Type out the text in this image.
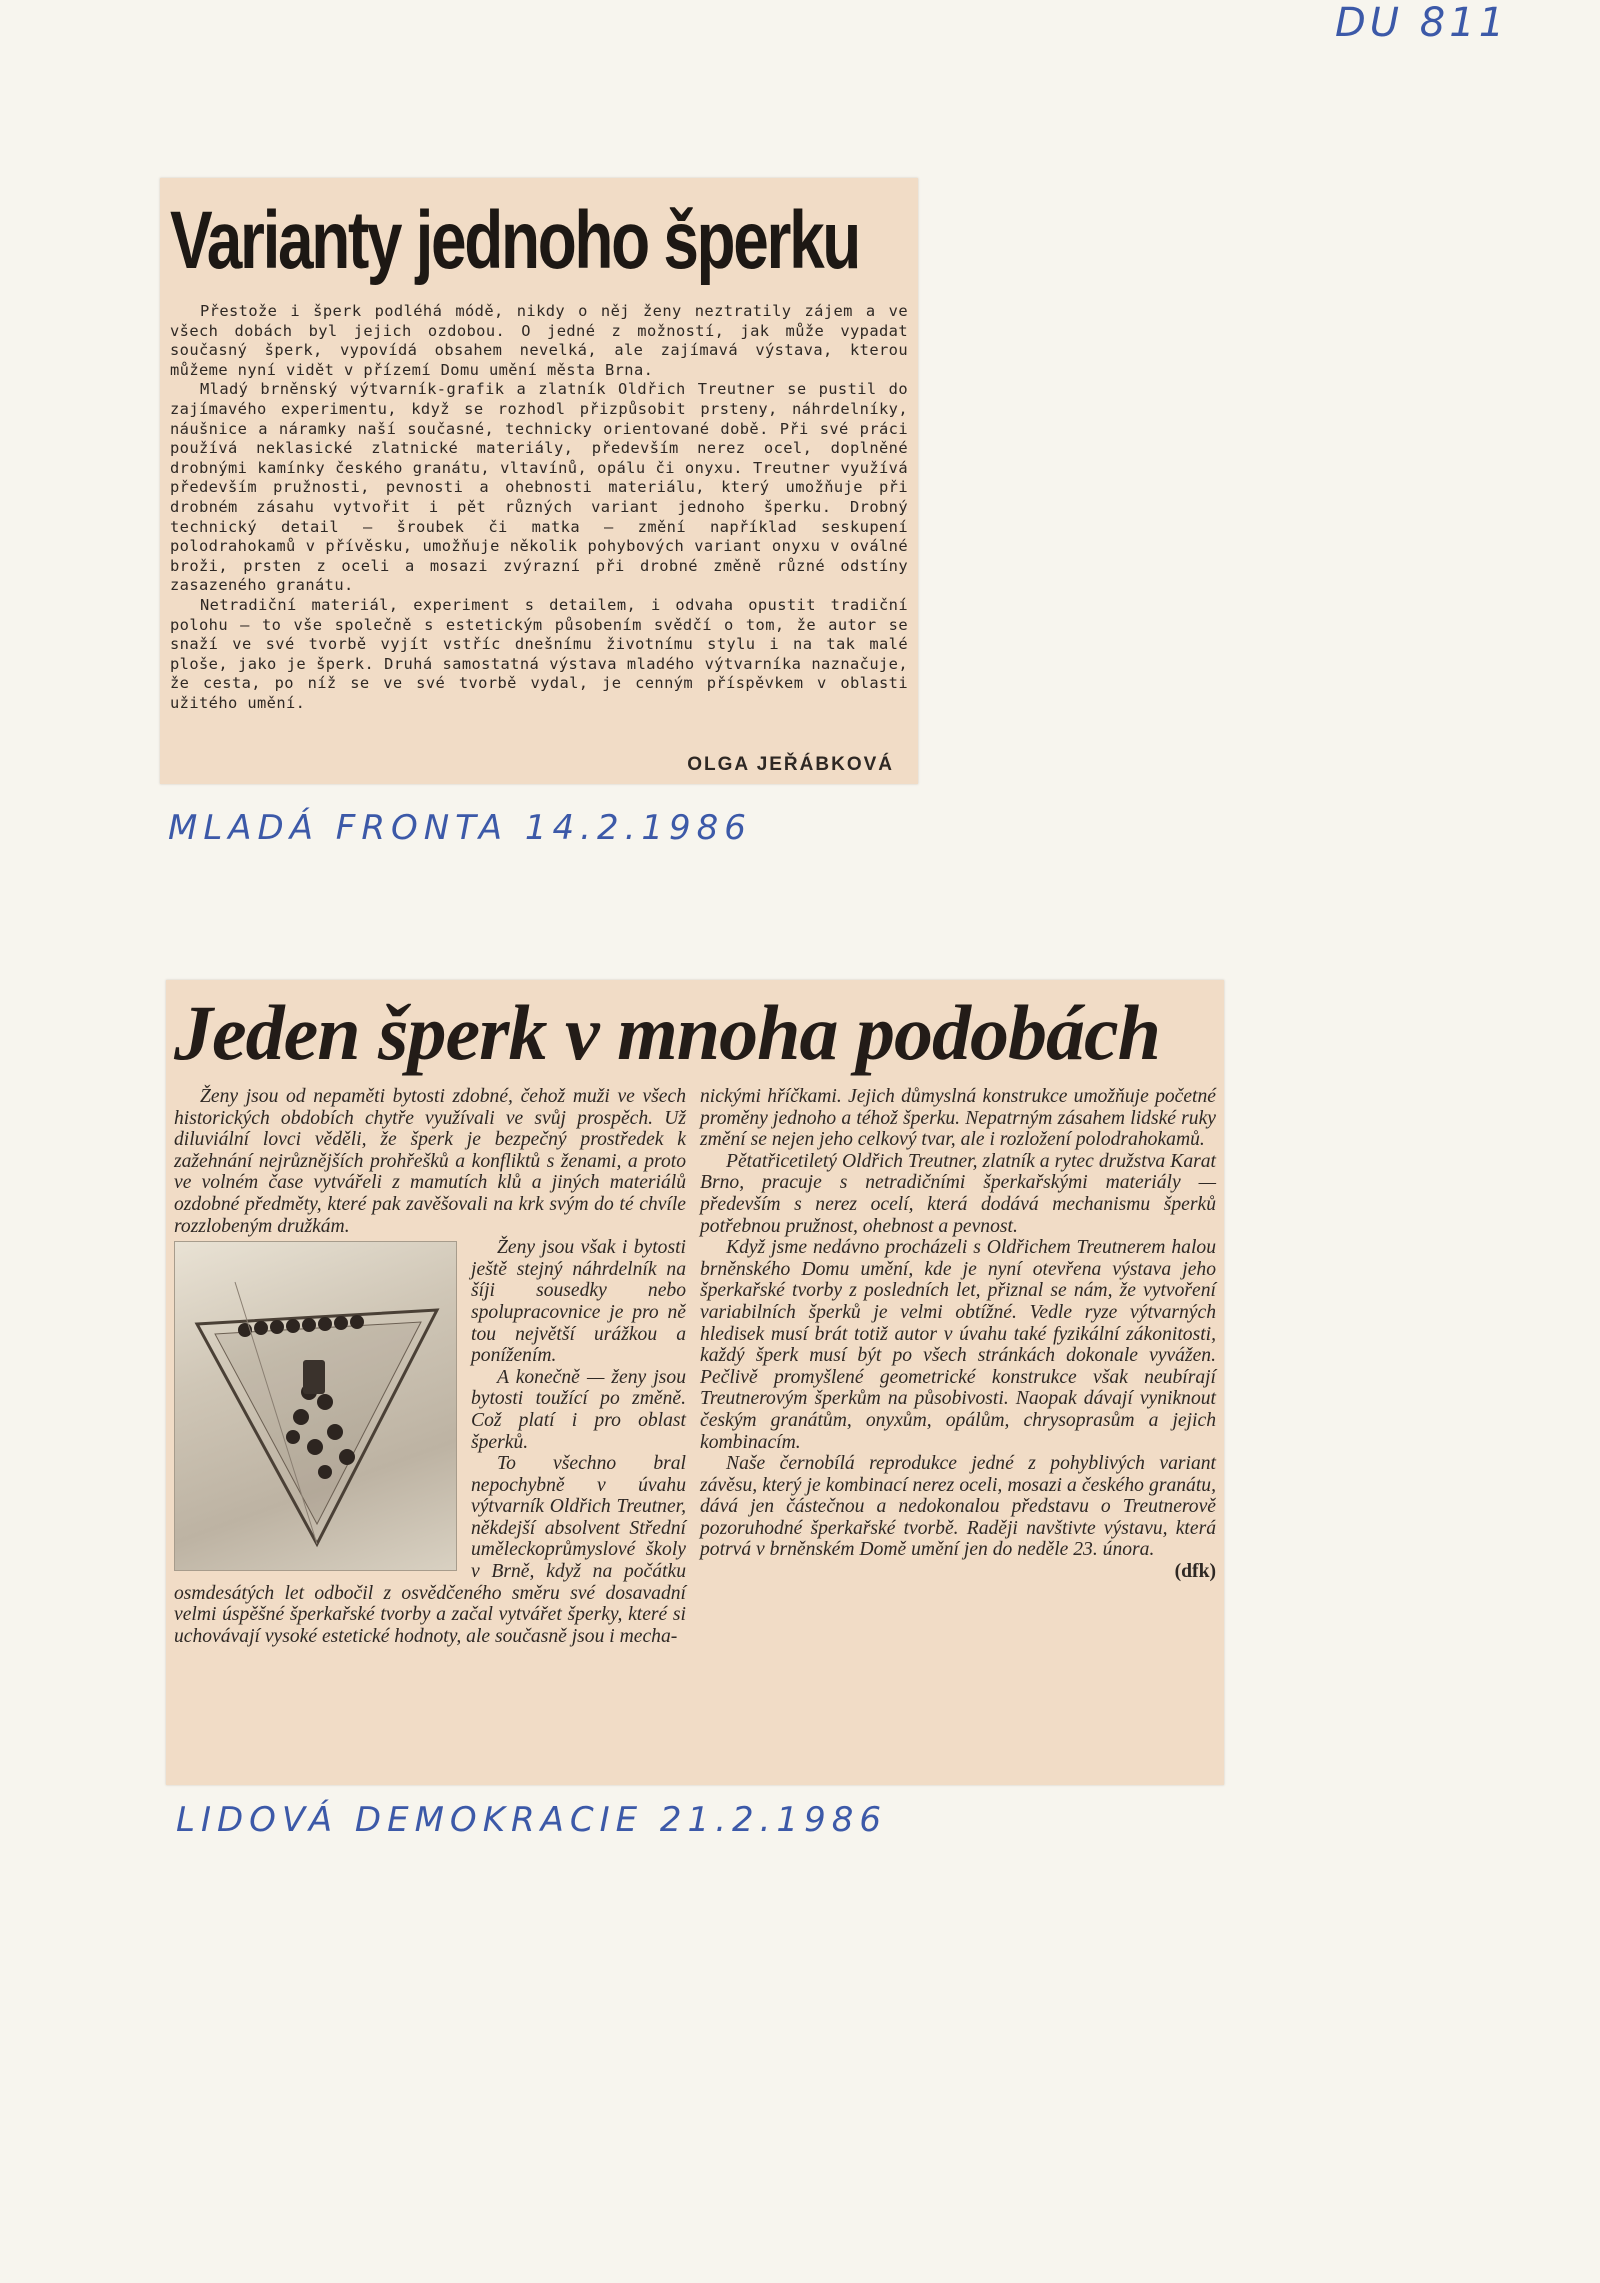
DU 811
Varianty jednoho šperku

Přestože i šperk podléhá módě, nikdy o něj ženy neztratily zájem a ve všech dobách byl jejich ozdobou. O jedné z možností, jak může vypadat současný šperk, vypovídá obsahem nevelká, ale zajímavá výstava, kterou můžeme nyní vidět v přízemí Domu umění města Brna.

Mladý brněnský výtvarník-grafik a zlatník Oldřich Treutner se pustil do zajímavého experimentu, když se rozhodl přizpůsobit prsteny, náhrdelníky, náušnice a náramky naší současné, technicky orientované době. Při své práci používá neklasické zlatnické materiály, především nerez ocel, doplněné drobnými kamínky českého granátu, vltavínů, opálu či onyxu. Treutner využívá především pružnosti, pevnosti a ohebnosti materiálu, který umožňuje při drobném zásahu vytvořit i pět různých variant jednoho šperku. Drobný technický detail — šroubek či matka — změní například seskupení polodrahokamů v přívěsku, umožňuje několik pohybových variant onyxu v oválné broži, prsten z oceli a mosazi zvýrazní při drobné změně různé odstíny zasazeného granátu.

Netradiční materiál, experiment s detailem, i odvaha opustit tradiční polohu — to vše společně s estetickým působením svědčí o tom, že autor se snaží ve své tvorbě vyjít vstříc dnešnímu životnímu stylu i na tak malé ploše, jako je šperk. Druhá samostatná výstava mladého výtvarníka naznačuje, že cesta, po níž se ve své tvorbě vydal, je cenným příspěvkem v oblasti užitého umění.

OLGA JEŘÁBKOVÁ
MLADÁ FRONTA 14.2.1986
Jeden šperk v mnoha podobách

Ženy jsou od nepaměti bytosti zdobné, čehož muži ve všech historických obdobích chytře využívali ve svůj prospěch. Už diluviální lovci věděli, že šperk je bezpečný prostředek k zažehnání nejrůznějších prohřešků a konfliktů s ženami, a proto ve volném čase vytvářeli z mamutích klů a jiných materiálů ozdobné předměty, které pak zavěšovali na krk svým do té chvíle rozzlobeným družkám.

Ženy jsou však i bytosti ještě stejný náhrdelník na šíji sousedky nebo spolupracovnice je pro ně tou největší urážkou a ponížením.

A konečně — ženy jsou bytosti toužící po změně. Což platí i pro oblast šperků.

To všechno bral nepochybně v úvahu výtvarník Oldřich Treutner, někdejší absolvent Střední uměleckoprůmyslové školy v Brně, když na počátku osmdesátých let odbočil z osvědčeného směru své dosavadní velmi úspěšné šperkařské tvorby a začal vytvářet šperky, které si uchovávají vysoké estetické hodnoty, ale současně jsou i mecha-

nickými hříčkami. Jejich důmyslná konstrukce umožňuje početné proměny jednoho a téhož šperku. Nepatrným zásahem lidské ruky změní se nejen jeho celkový tvar, ale i rozložení polodrahokamů.

Pětatřicetiletý Oldřich Treutner, zlatník a rytec družstva Karat Brno, pracuje s netradičními šperkařskými materiály — především s nerez ocelí, která dodává mechanismu šperků potřebnou pružnost, ohebnost a pevnost.

Když jsme nedávno procházeli s Oldřichem Treutnerem halou brněnského Domu umění, kde je nyní otevřena výstava jeho šperkařské tvorby z posledních let, přiznal se nám, že vytvoření variabilních šperků je velmi obtížné. Vedle ryze výtvarných hledisek musí brát totiž autor v úvahu také fyzikální zákonitosti, každý šperk musí být po všech stránkách dokonale vyvážen. Pečlivě promyšlené geometrické konstrukce však neubírají Treutnerovým šperkům na působivosti. Naopak dávají vyniknout českým granátům, onyxům, opálům, chrysoprasům a jejich kombinacím.

Naše černobílá reprodukce jedné z pohyblivých variant závěsu, který je kombinací nerez oceli, mosazi a českého granátu, dává jen částečnou a nedokonalou představu o Treutnerově pozoruhodné šperkařské tvorbě. Raději navštivte výstavu, která potrvá v brněnském Domě umění jen do neděle 23. února.
(dfk)

LIDOVÁ DEMOKRACIE 21.2.1986
